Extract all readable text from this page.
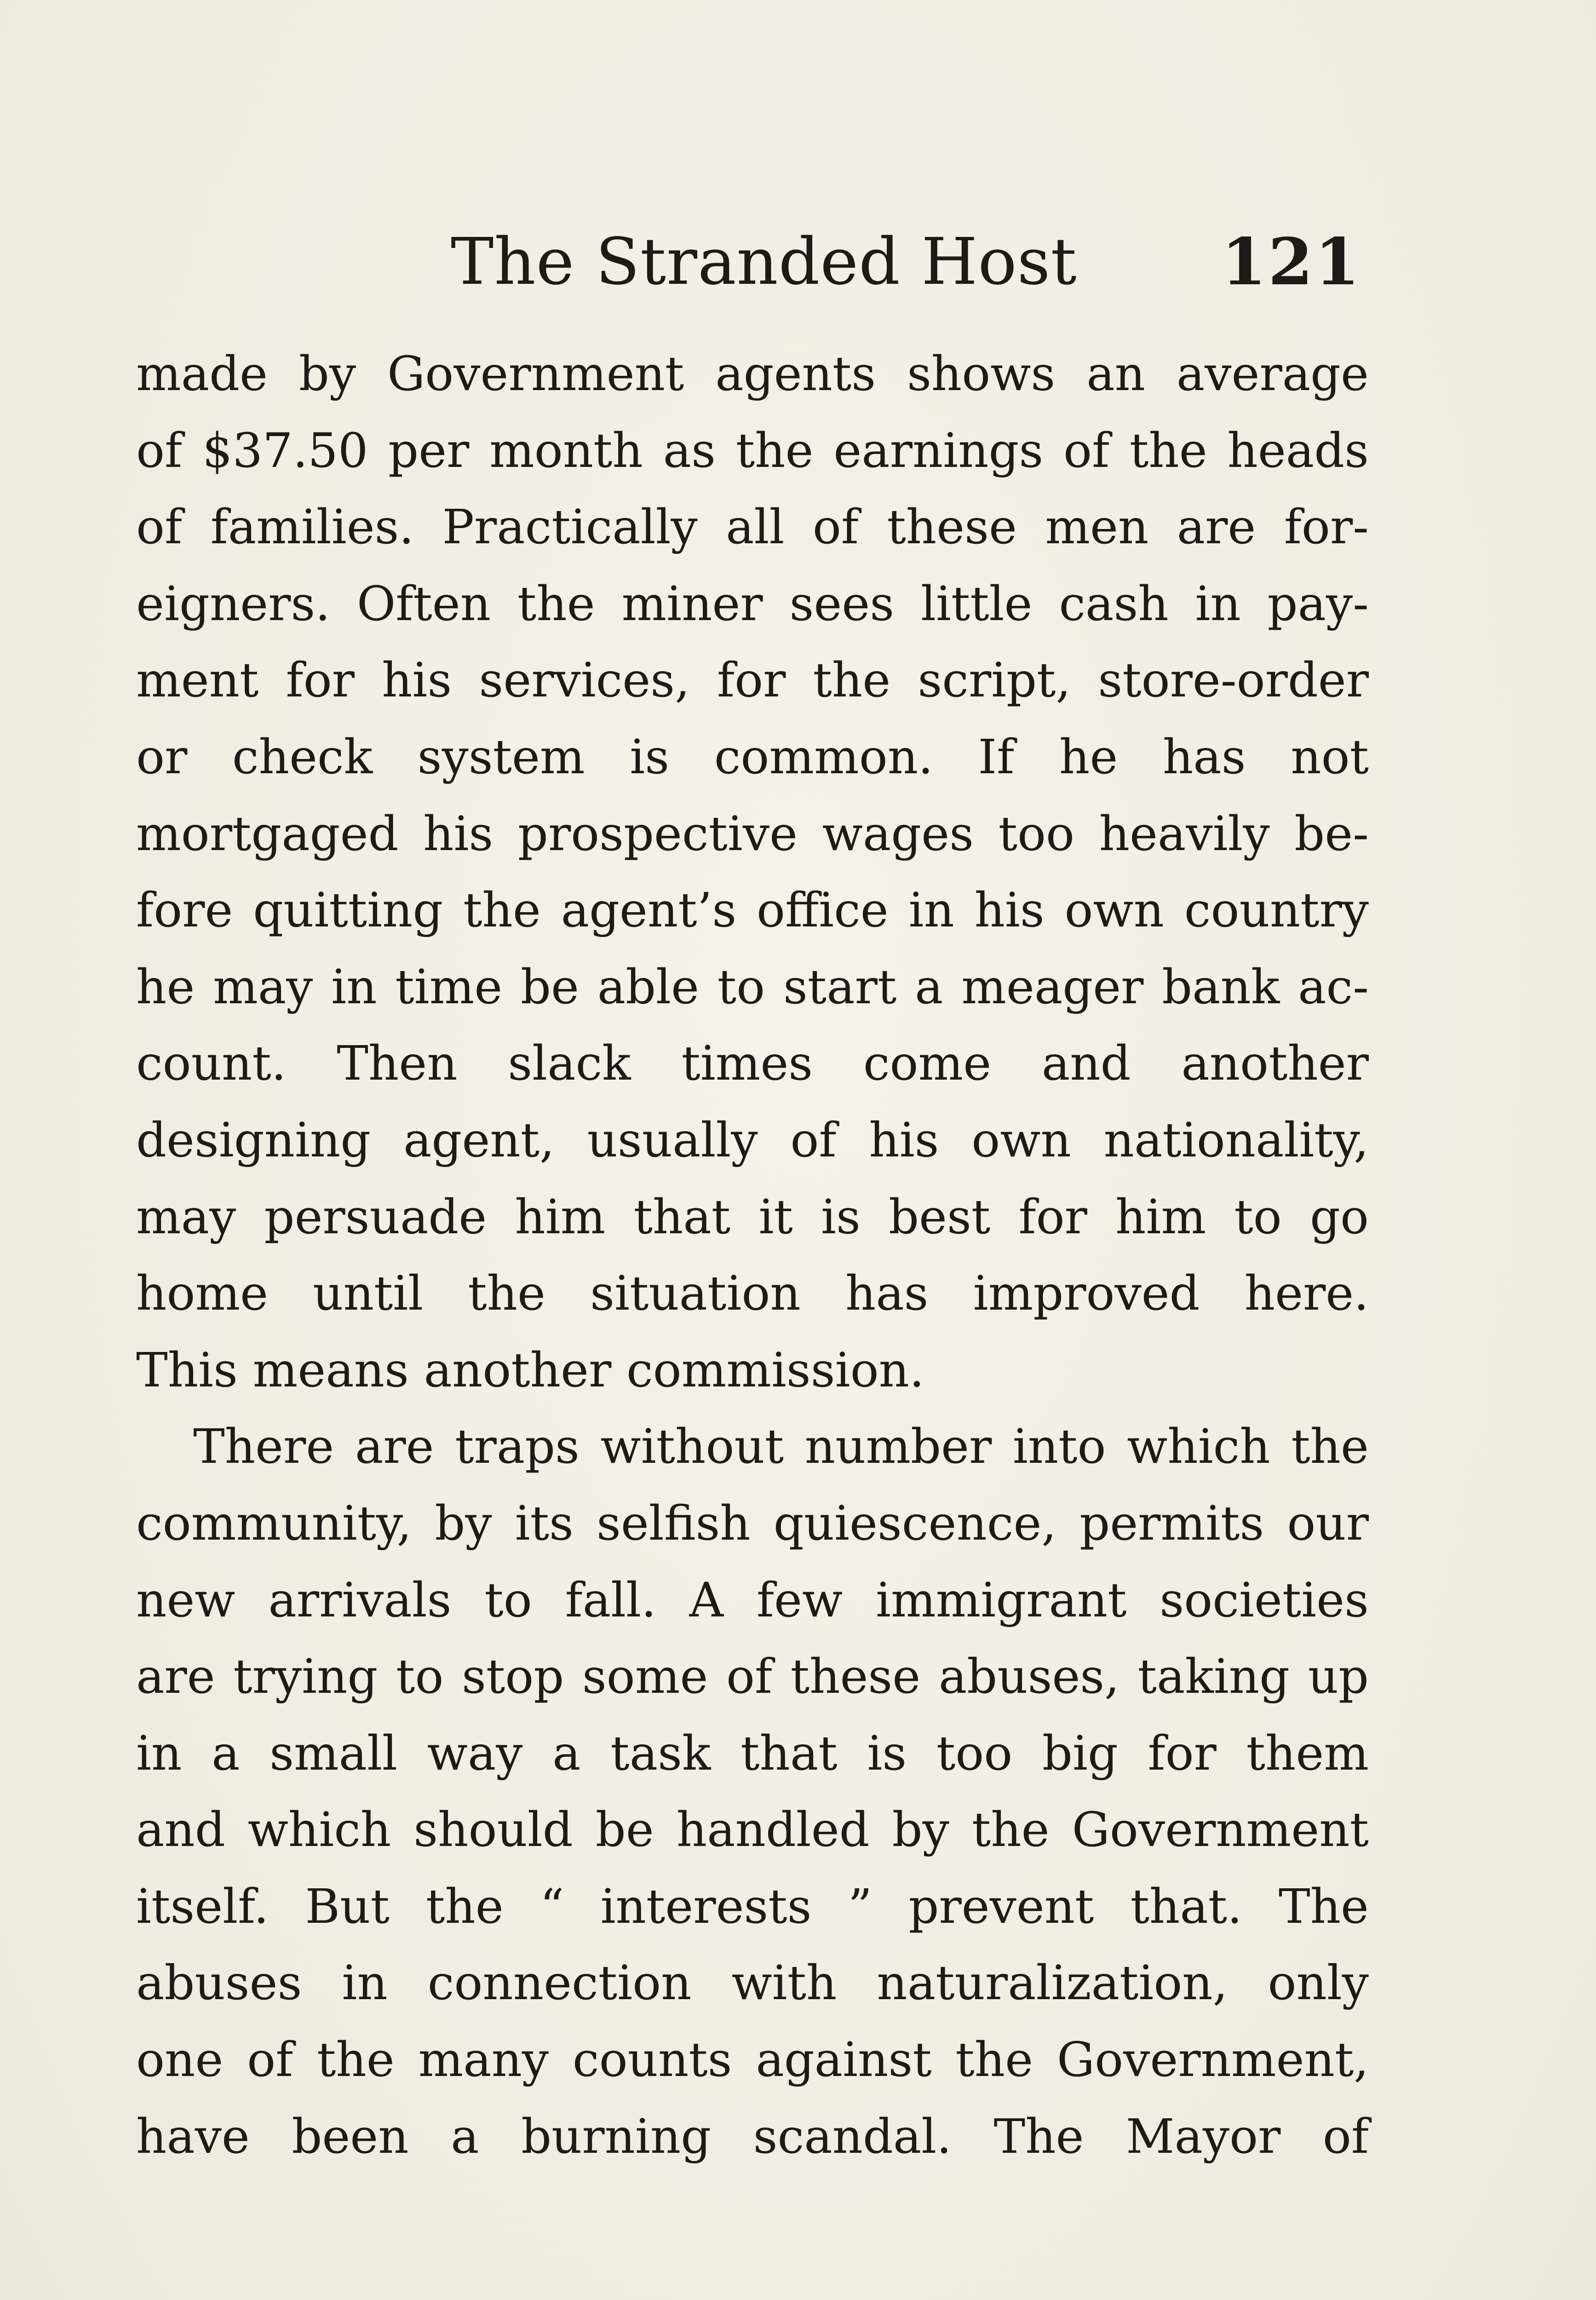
The Stranded Host 121
made by Government agents shows an average
of $37.50 per month as the earnings of the heads
of families. Practically all of these men are for-
eigners. Often the miner sees little cash in pay-
ment for his services, for the script, store-order
or check system is common. If he has not
mortgaged his prospective wages too heavily be-
fore quitting the agent’s office in his own country
he may in time be able to start a meager bank ac-
count. Then slack times come and another
designing agent, usually of his own nationality,
may persuade him that it is best for him to go
home until the situation has improved here.
This means another commission.
There are traps without number into which the
community, by its selfish quiescence, permits our
new arrivals to fall. A few immigrant societies
are trying to stop some of these abuses, taking up
in a small way a task that is too big for them
and which should be handled by the Government
itself. But the “ interests ” prevent that. The
abuses in connection with naturalization, only
one of the many counts against the Government,
have been a burning scandal. The Mayor of
